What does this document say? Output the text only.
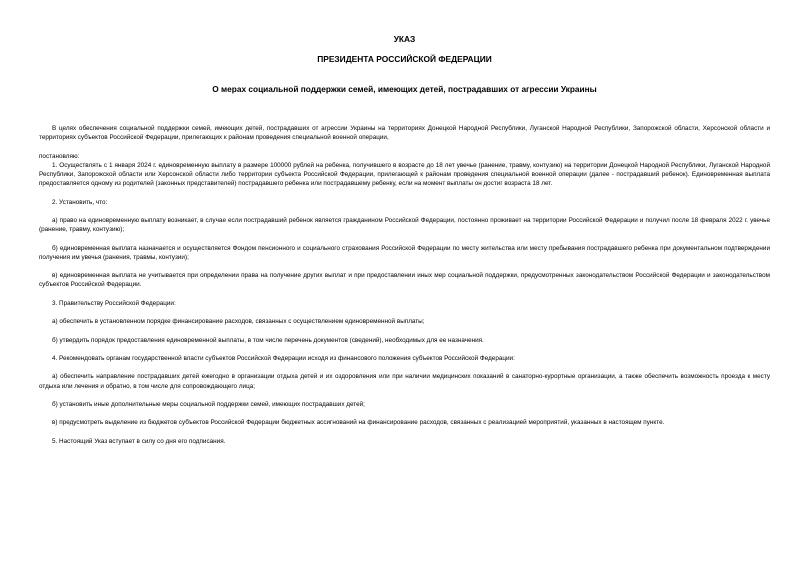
УКАЗ

ПРЕЗИДЕНТА РОССИЙСКОЙ ФЕДЕРАЦИИ

О мерах социальной поддержки семей, имеющих детей, пострадавших от агрессии Украины

В целях обеспечения социальной поддержки семей, имеющих детей, пострадавших от агрессии Украины на территориях Донецкой Народной Республики, Луганской Народной Республики, Запорожской области, Херсонской области и территориях субъектов Российской Федерации, прилегающих к районам проведения специальной военной операции,

постановляю:

1. Осуществлять с 1 января 2024 г. единовременную выплату в размере 100000 рублей на ребенка, получившего в возрасте до 18 лет увечье (ранение, травму, контузию) на территории Донецкой Народной Республики, Луганской Народной Республики, Запорожской области или Херсонской области либо территории субъекта Российской Федерации, прилегающей к районам проведения специальной военной операции (далее - пострадавший ребенок). Единовременная выплата предоставляется одному из родителей (законных представителей) пострадавшего ребенка или пострадавшему ребенку, если на момент выплаты он достиг возраста 18 лет.

2. Установить, что:

а) право на единовременную выплату возникает, в случае если пострадавший ребенок является гражданином Российской Федерации, постоянно проживает на территории Российской Федерации и получил после 18 февраля 2022 г. увечье (ранение, травму, контузию);

б) единовременная выплата назначается и осуществляется Фондом пенсионного и социального страхования Российской Федерации по месту жительства или месту пребывания пострадавшего ребенка при документальном подтверждении получения им увечья (ранения, травмы, контузии);

в) единовременная выплата не учитывается при определении права на получение других выплат и при предоставлении иных мер социальной поддержки, предусмотренных законодательством Российской Федерации и законодательством субъектов Российской Федерации.

3. Правительству Российской Федерации:

а) обеспечить в установленном порядке финансирование расходов, связанных с осуществлением единовременной выплаты;

б) утвердить порядок предоставления единовременной выплаты, в том числе перечень документов (сведений), необходимых для ее назначения.

4. Рекомендовать органам государственной власти субъектов Российской Федерации исходя из финансового положения субъектов Российской Федерации:

а) обеспечить направление пострадавших детей ежегодно в организации отдыха детей и их оздоровления или при наличии медицинских показаний в санаторно-курортные организации, а также обеспечить возможность проезда к месту отдыха или лечения и обратно, в том числе для сопровождающего лица;

б) установить иные дополнительные меры социальной поддержки семей, имеющих пострадавших детей;

в) предусмотреть выделение из бюджетов субъектов Российской Федерации бюджетных ассигнований на финансирование расходов, связанных с реализацией мероприятий, указанных в настоящем пункте.

5. Настоящий Указ вступает в силу со дня его подписания.
